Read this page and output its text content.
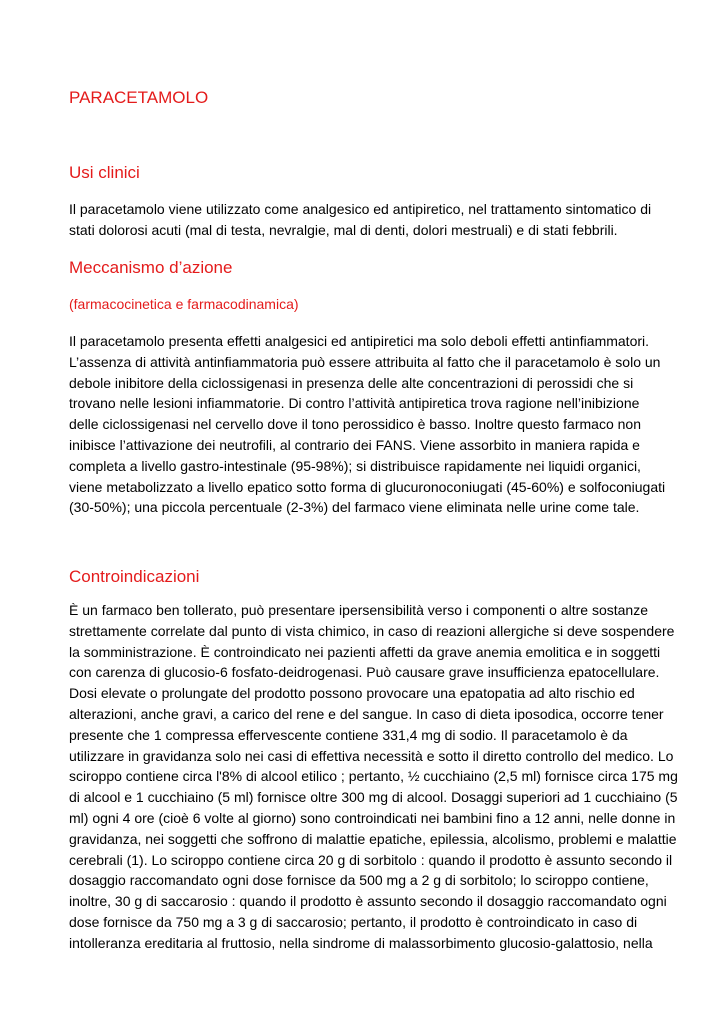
PARACETAMOLO
Usi clinici
Il paracetamolo viene utilizzato come analgesico ed antipiretico, nel trattamento sintomatico di
stati dolorosi acuti (mal di testa, nevralgie, mal di denti, dolori mestruali) e di stati febbrili.
Meccanismo d’azione

(farmacocinetica e farmacodinamica)

Il paracetamolo presenta effetti analgesici ed antipiretici ma solo deboli effetti antinfiammatori.
L’assenza di attività antinfiammatoria può essere attribuita al fatto che il paracetamolo è solo un
debole inibitore della ciclossigenasi in presenza delle alte concentrazioni di perossidi che si
trovano nelle lesioni infiammatorie. Di contro l’attività antipiretica trova ragione nell’inibizione
delle ciclossigenasi nel cervello dove il tono perossidico è basso. Inoltre questo farmaco non
inibisce l’attivazione dei neutrofili, al contrario dei FANS. Viene assorbito in maniera rapida e
completa a livello gastro-intestinale (95-98%); si distribuisce rapidamente nei liquidi organici,
viene metabolizzato a livello epatico sotto forma di glucuronoconiugati (45-60%) e solfoconiugati
(30-50%); una piccola percentuale (2-3%) del farmaco viene eliminata nelle urine come tale.
Controindicazioni
È un farmaco ben tollerato, può presentare ipersensibilità verso i componenti o altre sostanze
strettamente correlate dal punto di vista chimico, in caso di reazioni allergiche si deve sospendere
la somministrazione. È controindicato nei pazienti affetti da grave anemia emolitica e in soggetti
con carenza di glucosio-6 fosfato-deidrogenasi. Può causare grave insufficienza epatocellulare.
Dosi elevate o prolungate del prodotto possono provocare una epatopatia ad alto rischio ed
alterazioni, anche gravi, a carico del rene e del sangue. In caso di dieta iposodica, occorre tener
presente che 1 compressa effervescente contiene 331,4 mg di sodio. Il paracetamolo è da
utilizzare in gravidanza solo nei casi di effettiva necessità e sotto il diretto controllo del medico. Lo
sciroppo contiene circa l'8% di alcool etilico ; pertanto, ½ cucchiaino (2,5 ml) fornisce circa 175 mg
di alcool e 1 cucchiaino (5 ml) fornisce oltre 300 mg di alcool. Dosaggi superiori ad 1 cucchiaino (5
ml) ogni 4 ore (cioè 6 volte al giorno) sono controindicati nei bambini fino a 12 anni, nelle donne in
gravidanza, nei soggetti che soffrono di malattie epatiche, epilessia, alcolismo, problemi e malattie
cerebrali (1). Lo sciroppo contiene circa 20 g di sorbitolo : quando il prodotto è assunto secondo il
dosaggio raccomandato ogni dose fornisce da 500 mg a 2 g di sorbitolo; lo sciroppo contiene,
inoltre, 30 g di saccarosio : quando il prodotto è assunto secondo il dosaggio raccomandato ogni
dose fornisce da 750 mg a 3 g di saccarosio; pertanto, il prodotto è controindicato in caso di
intolleranza ereditaria al fruttosio, nella sindrome di malassorbimento glucosio-galattosio, nella
